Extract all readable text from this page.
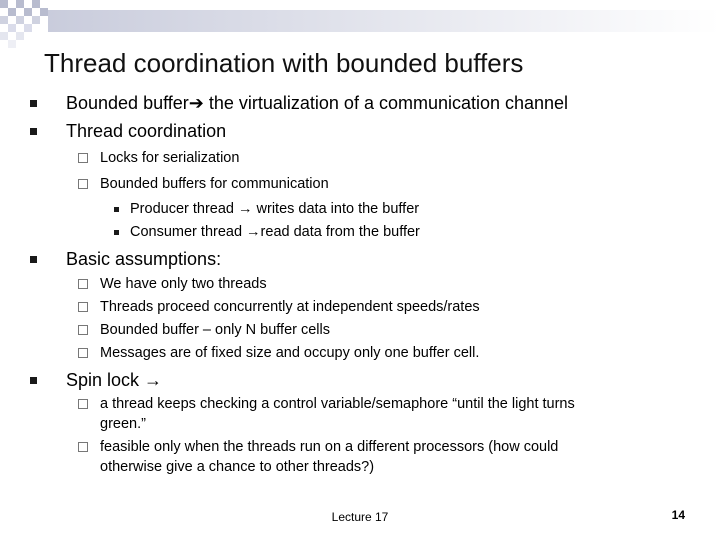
Thread coordination with bounded buffers
Bounded buffer➔ the virtualization of a communication channel
Thread coordination
Locks for serialization
Bounded buffers for communication
Producer thread → writes data into the buffer
Consumer thread →read data from the buffer
Basic assumptions:
We have only two threads
Threads proceed concurrently at independent speeds/rates
Bounded buffer – only N buffer cells
Messages are of fixed size and occupy only one buffer cell.
Spin lock →
a thread keeps checking a control variable/semaphore “until the light turns
green.”
feasible only when the threads run on a different processors (how could
otherwise give a chance to other threads?)
Lecture 17	14
